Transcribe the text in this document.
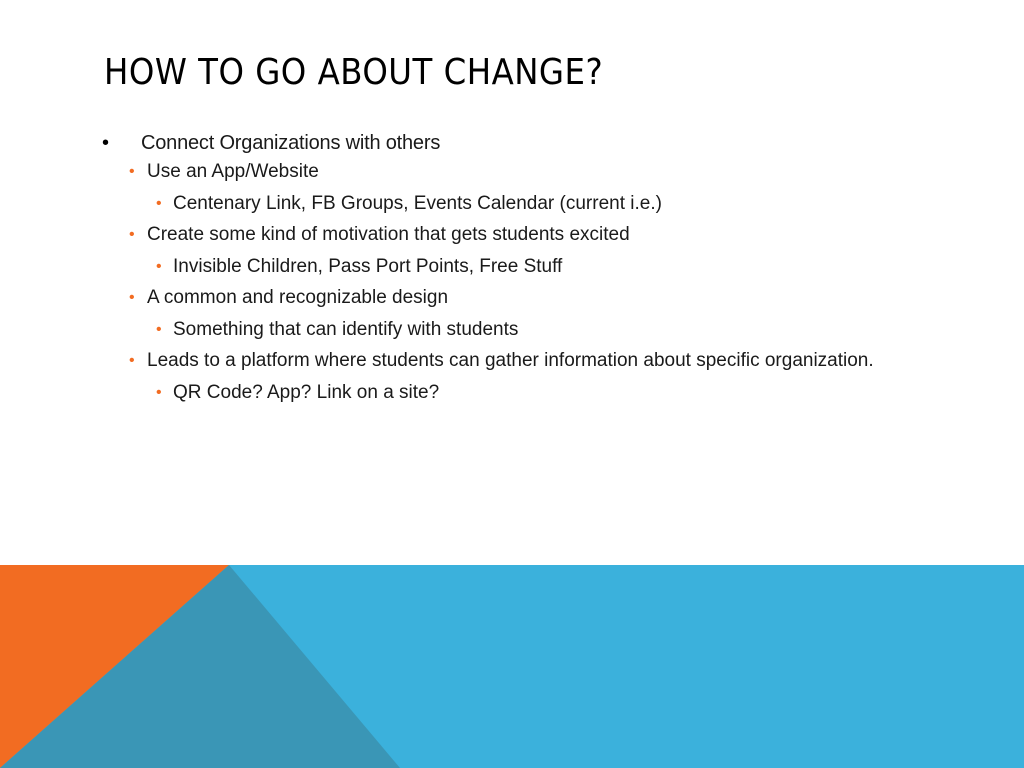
HOW TO GO ABOUT CHANGE?
• Connect Organizations with others
• Use an App/Website
• Centenary Link, FB Groups, Events Calendar (current i.e.)
• Create some kind of motivation that gets students excited
• Invisible Children, Pass Port Points, Free Stuff
• A common and recognizable design
• Something that can identify with students
• Leads to a platform where students can gather information about specific organization.
• QR Code? App? Link on a site?
